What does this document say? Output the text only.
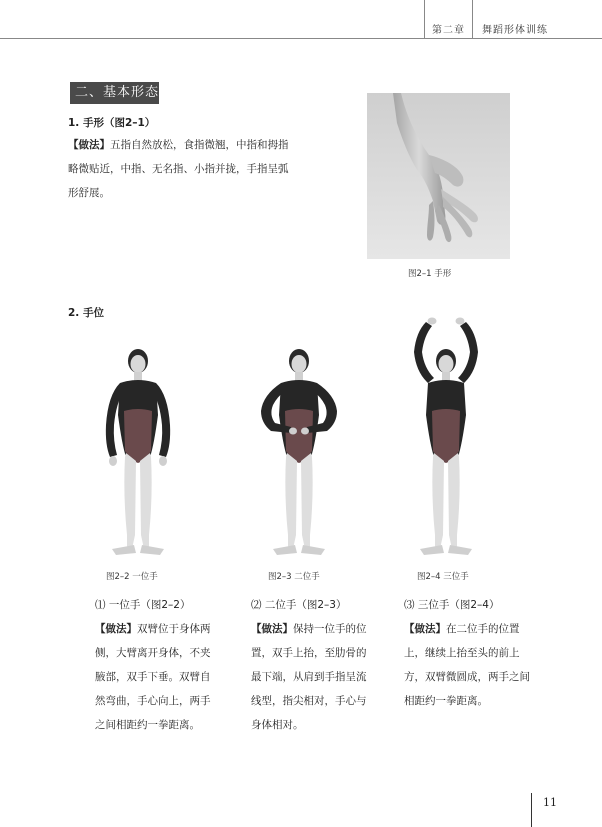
第二章 舞蹈形体训练
二、基本形态
1. 手形（图2–1）
【做法】五指自然放松，食指微翘，中指和拇指
略微贴近，中指、无名指、小指并拢，手指呈弧
形舒展。
图2–1 手形
2. 手位
图2–2 一位手	图2–3 二位手	图2–4 三位手
⑴ 一位手（图2–2）
【做法】双臂位于身体两
侧，大臂离开身体，不夹
腋部，双手下垂。双臂自
然弯曲，手心向上，两手
之间相距约一拳距离。
⑵ 二位手（图2–3）
【做法】保持一位手的位
置，双手上抬，至肋骨的
最下端，从肩到手指呈流
线型，指尖相对，手心与
身体相对。
⑶ 三位手（图2–4）
【做法】在二位手的位置
上，继续上抬至头的前上
方，双臂微圆成，两手之间
相距约一拳距离。
11
